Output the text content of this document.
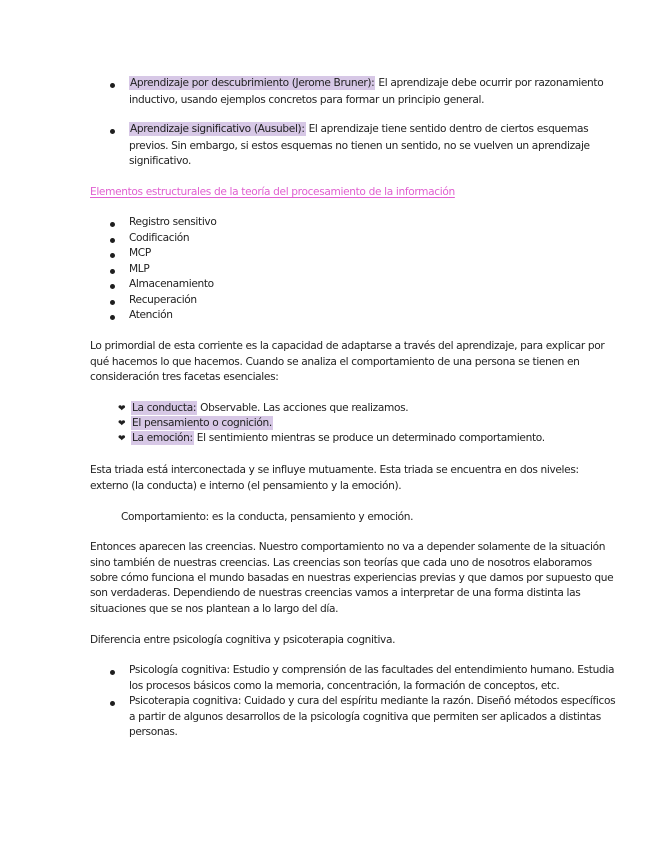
Aprendizaje por descubrimiento (Jerome Bruner): El aprendizaje debe ocurrir por razonamiento
inductivo, usando ejemplos concretos para formar un principio general.
Aprendizaje significativo (Ausubel): El aprendizaje tiene sentido dentro de ciertos esquemas
previos. Sin embargo, si estos esquemas no tienen un sentido, no se vuelven un aprendizaje
significativo.
Elementos estructurales de la teoría del procesamiento de la información
Registro sensitivo
Codificación
MCP
MLP
Almacenamiento
Recuperación
Atención
Lo primordial de esta corriente es la capacidad de adaptarse a través del aprendizaje, para explicar por
qué hacemos lo que hacemos. Cuando se analiza el comportamiento de una persona se tienen en
consideración tres facetas esenciales:
❤ La conducta: Observable. Las acciones que realizamos.
❤ El pensamiento o cognición.
❤ La emoción: El sentimiento mientras se produce un determinado comportamiento.
Esta triada está interconectada y se influye mutuamente. Esta triada se encuentra en dos niveles:
externo (la conducta) e interno (el pensamiento y la emoción).
Comportamiento: es la conducta, pensamiento y emoción.
Entonces aparecen las creencias. Nuestro comportamiento no va a depender solamente de la situación
sino también de nuestras creencias. Las creencias son teorías que cada uno de nosotros elaboramos
sobre cómo funciona el mundo basadas en nuestras experiencias previas y que damos por supuesto que
son verdaderas. Dependiendo de nuestras creencias vamos a interpretar de una forma distinta las
situaciones que se nos plantean a lo largo del día.
Diferencia entre psicología cognitiva y psicoterapia cognitiva.
Psicología cognitiva: Estudio y comprensión de las facultades del entendimiento humano. Estudia
los procesos básicos como la memoria, concentración, la formación de conceptos, etc.
Psicoterapia cognitiva: Cuidado y cura del espíritu mediante la razón. Diseñó métodos específicos
a partir de algunos desarrollos de la psicología cognitiva que permiten ser aplicados a distintas
personas.
